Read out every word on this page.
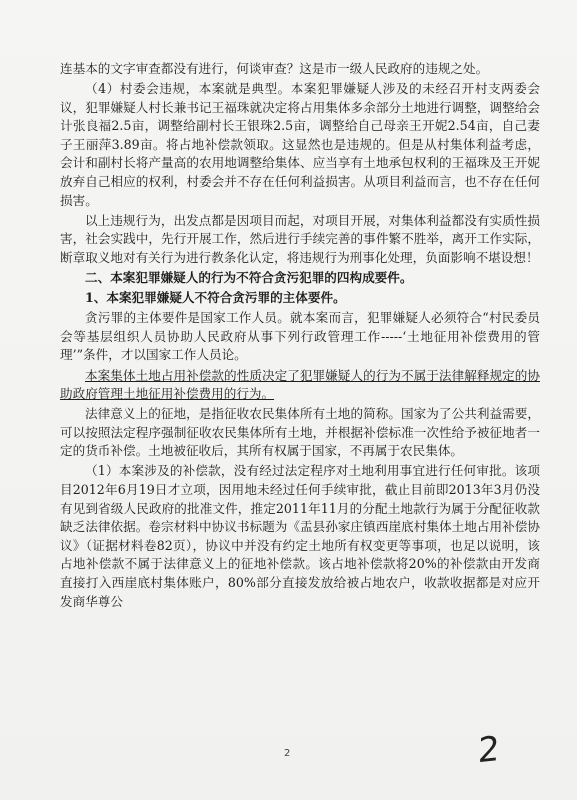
连基本的文字审查都没有进行，何谈审查？这是市一级人民政府的违规之处。

（4）村委会违规，本案就是典型。本案犯罪嫌疑人涉及的未经召开村支两委会议，犯罪嫌疑人村长兼书记王福珠就决定将占用集体多余部分土地进行调整，调整给会计张良福2.5亩，调整给副村长王银珠2.5亩，调整给自己母亲王开妮2.54亩，自己妻子王丽萍3.89亩。将占地补偿款领取。这显然也是违规的。但是从村集体利益考虑，会计和副村长将产量高的农用地调整给集体、应当享有土地承包权利的王福珠及王开妮放弃自己相应的权利，村委会并不存在任何利益损害。从项目利益而言，也不存在任何损害。

以上违规行为，出发点都是因项目而起，对项目开展，对集体利益都没有实质性损害，社会实践中，先行开展工作，然后进行手续完善的事件繁不胜举，离开工作实际，断章取义地对有关行为进行教条化认定，将违规行为刑事化处理，负面影响不堪设想！

二、本案犯罪嫌疑人的行为不符合贪污犯罪的四构成要件。

1、本案犯罪嫌疑人不符合贪污罪的主体要件。

贪污罪的主体要件是国家工作人员。就本案而言，犯罪嫌疑人必须符合“村民委员会等基层组织人员协助人民政府从事下列行政管理工作-----‘土地征用补偿费用的管理’”条件，才以国家工作人员论。

本案集体土地占用补偿款的性质决定了犯罪嫌疑人的行为不属于法律解释规定的协助政府管理土地征用补偿费用的行为。

法律意义上的征地，是指征收农民集体所有土地的简称。国家为了公共利益需要，可以按照法定程序强制征收农民集体所有土地，并根据补偿标准一次性给予被征地者一定的货币补偿。土地被征收后，其所有权属于国家，不再属于农民集体。

（1）本案涉及的补偿款，没有经过法定程序对土地利用事宜进行任何审批。该项目2012年6月19日才立项，因用地未经过任何手续审批，截止目前即2013年3月仍没有见到省级人民政府的批准文件，推定2011年11月的分配土地款行为属于分配征收款缺乏法律依据。卷宗材料中协议书标题为《盂县孙家庄镇西崖底村集体土地占用补偿协议》（证据材料卷82页），协议中并没有约定土地所有权变更等事项，也足以说明，该占地补偿款不属于法律意义上的征地补偿款。该占地补偿款将20%的补偿款由开发商直接打入西崖底村集体账户，80%部分直接发放给被占地农户，收款收据都是对应开发商华尊公

2	2
